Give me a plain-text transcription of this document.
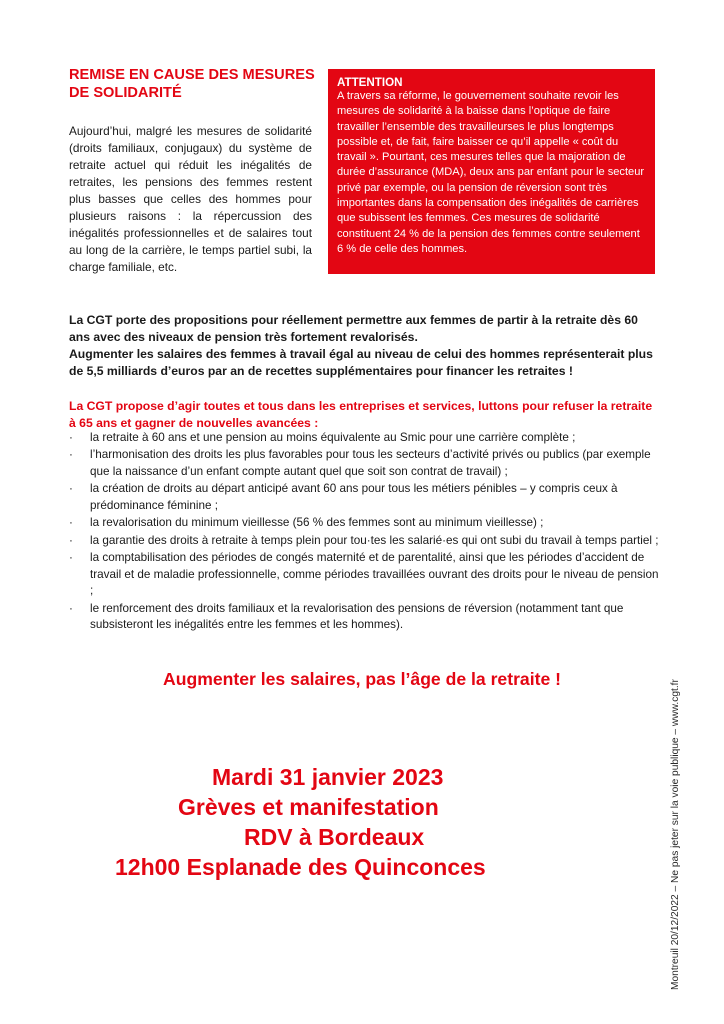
REMISE EN CAUSE DES MESURES DE SOLIDARITÉ

Aujourd’hui, malgré les mesures de solidarité (droits familiaux, conjugaux) du système de retraite actuel qui réduit les inégalités de retraites, les pensions des femmes restent plus basses que celles des hommes pour plusieurs raisons : la répercussion des inégalités professionnelles et de salaires tout au long de la carrière, le temps partiel subi, la charge familiale, etc.

ATTENTION

A travers sa réforme, le gouvernement souhaite revoir les mesures de solidarité à la baisse dans l’optique de faire travailler l’ensemble des travailleurses le plus longtemps possible et, de fait, faire baisser ce qu’il appelle « coût du travail ». Pourtant, ces mesures telles que la majoration de durée d’assurance (MDA), deux ans par enfant pour le secteur privé par exemple, ou la pension de réversion sont très importantes dans la compensation des inégalités de carrières que subissent les femmes. Ces mesures de solidarité constituent 24 % de la pension des femmes contre seulement 6 % de celle des hommes.

La CGT porte des propositions pour réellement permettre aux femmes de partir à la retraite dès 60 ans avec des niveaux de pension très fortement revalorisés.

Augmenter les salaires des femmes à travail égal au niveau de celui des hommes représenterait plus de 5,5 milliards d’euros par an de recettes supplémentaires pour financer les retraites !

La CGT propose d’agir toutes et tous dans les entreprises et services, luttons pour refuser la retraite à 65 ans et gagner de nouvelles avancées :

·	la retraite à 60 ans et une pension au moins équivalente au Smic pour une carrière complète ;
·	l’harmonisation des droits les plus favorables pour tous les secteurs d’activité privés ou publics (par exemple que la naissance d’un enfant compte autant quel que soit son contrat de travail) ;
·	la création de droits au départ anticipé avant 60 ans pour tous les métiers pénibles – y compris ceux à prédominance féminine ;
·	la revalorisation du minimum vieillesse (56 % des femmes sont au minimum vieillesse) ;
·	la garantie des droits à retraite à temps plein pour tou·tes les salarié·es qui ont subi du travail à temps partiel ;
·	la comptabilisation des périodes de congés maternité et de parentalité, ainsi que les périodes d’accident de travail et de maladie professionnelle, comme périodes travaillées ouvrant des droits pour le niveau de pension ;
·	le renforcement des droits familiaux et la revalorisation des pensions de réversion (notamment tant que subsisteront les inégalités entre les femmes et les hommes).

Augmenter les salaires, pas l’âge de la retraite !

Mardi 31 janvier 2023

Grèves et manifestation

RDV à Bordeaux

12h00 Esplanade des Quinconces	Montreuil 20/12/2022 – Ne pas jeter sur la voie publique – www.cgt.fr
